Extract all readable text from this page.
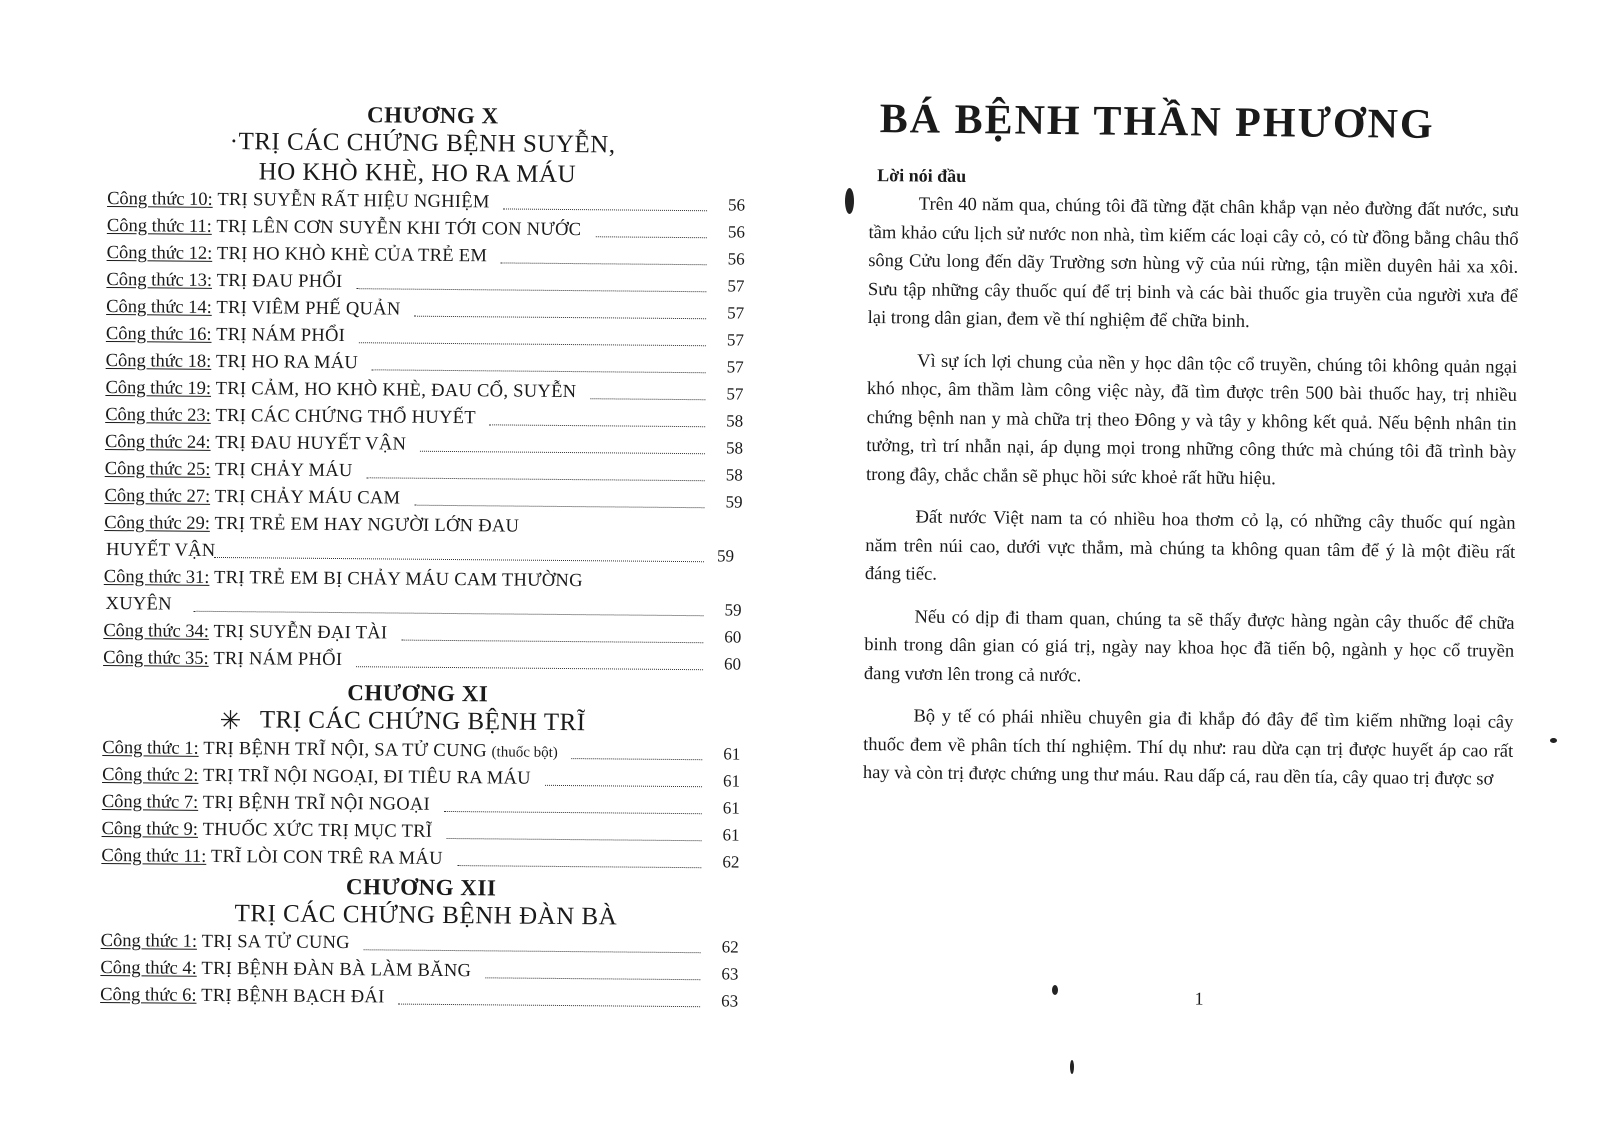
CHƯƠNG X
·TRỊ CÁC CHỨNG BỆNH SUYỄN,
HO KHÒ KHÈ, HO RA MÁU
Công thức 10: TRỊ SUYỄN RẤT HIỆU NGHIỆM	56
Công thức 11: TRỊ LÊN CƠN SUYỄN KHI TỚI CON NƯỚC	56
Công thức 12: TRỊ HO KHÒ KHÈ CỦA TRẺ EM	56
Công thức 13: TRỊ ĐAU PHỔI	57
Công thức 14: TRỊ VIÊM PHẾ QUẢN	57
Công thức 16: TRỊ NÁM PHỔI	57
Công thức 18: TRỊ HO RA MÁU	57
Công thức 19: TRỊ CẢM, HO KHÒ KHÈ, ĐAU CỔ, SUYỄN	57
Công thức 23: TRỊ CÁC CHỨNG THỔ HUYẾT	58
Công thức 24: TRỊ ĐAU HUYẾT VẬN	58
Công thức 25: TRỊ CHẢY MÁU	58
Công thức 27: TRỊ CHẢY MÁU CAM	59
Công thức 29: TRỊ TRẺ EM HAY NGƯỜI LỚN ĐAU
HUYẾT VẬN	59
Công thức 31: TRỊ TRẺ EM BỊ CHẢY MÁU CAM THƯỜNG
XUYÊN	59
Công thức 34: TRỊ SUYỄN ĐẠI TÀI	60
Công thức 35: TRỊ NÁM PHỔI	60
CHƯƠNG XI
✳ TRỊ CÁC CHỨNG BỆNH TRĨ
Công thức 1: TRỊ BỆNH TRĨ NỘI, SA TỬ CUNG (thuốc bột)	61
Công thức 2: TRỊ TRĨ NỘI NGOẠI, ĐI TIÊU RA MÁU	61
Công thức 7: TRỊ BỆNH TRĨ NỘI NGOẠI	61
Công thức 9: THUỐC XỨC TRỊ MỤC TRĨ	61
Công thức 11: TRĨ LÒI CON TRÊ RA MÁU	62
CHƯƠNG XII
TRỊ CÁC CHỨNG BỆNH ĐÀN BÀ
Công thức 1: TRỊ SA TỬ CUNG	62
Công thức 4: TRỊ BỆNH ĐÀN BÀ LÀM BĂNG	63
Công thức 6: TRỊ BỆNH BẠCH ĐÁI	63
BÁ BỆNH THẦN PHƯƠNG
Lời nói đầu
Trên 40 năm qua, chúng tôi đã từng đặt chân khắp vạn nẻo đường đất nước, sưu tầm khảo cứu lịch sử nước non nhà, tìm kiếm các loại cây cỏ, có từ đồng bằng châu thổ sông Cửu long đến dãy Trường sơn hùng vỹ của núi rừng, tận miền duyên hải xa xôi. Sưu tập những cây thuốc quí để trị binh và các bài thuốc gia truyền của người xưa để lại trong dân gian, đem về thí nghiệm để chữa binh.
Vì sự ích lợi chung của nền y học dân tộc cổ truyền, chúng tôi không quản ngại khó nhọc, âm thầm làm công việc này, đã tìm được trên 500 bài thuốc hay, trị nhiều chứng bệnh nan y mà chữa trị theo Đông y và tây y không kết quả. Nếu bệnh nhân tin tưởng, trì trí nhẫn nại, áp dụng mọi trong những công thức mà chúng tôi đã trình bày trong đây, chắc chắn sẽ phục hồi sức khoẻ rất hữu hiệu.
Đất nước Việt nam ta có nhiều hoa thơm cỏ lạ, có những cây thuốc quí ngàn năm trên núi cao, dưới vực thẳm, mà chúng ta không quan tâm để ý là một điều rất đáng tiếc.
Nếu có dịp đi tham quan, chúng ta sẽ thấy được hàng ngàn cây thuốc để chữa binh trong dân gian có giá trị, ngày nay khoa học đã tiến bộ, ngành y học cổ truyền đang vươn lên trong cả nước.
Bộ y tế có phái nhiều chuyên gia đi khắp đó đây để tìm kiếm những loại cây thuốc đem về phân tích thí nghiệm. Thí dụ như: rau dừa cạn trị được huyết áp cao rất hay và còn trị được chứng ung thư máu. Rau dấp cá, rau dền tía, cây quao trị được sơ
1
